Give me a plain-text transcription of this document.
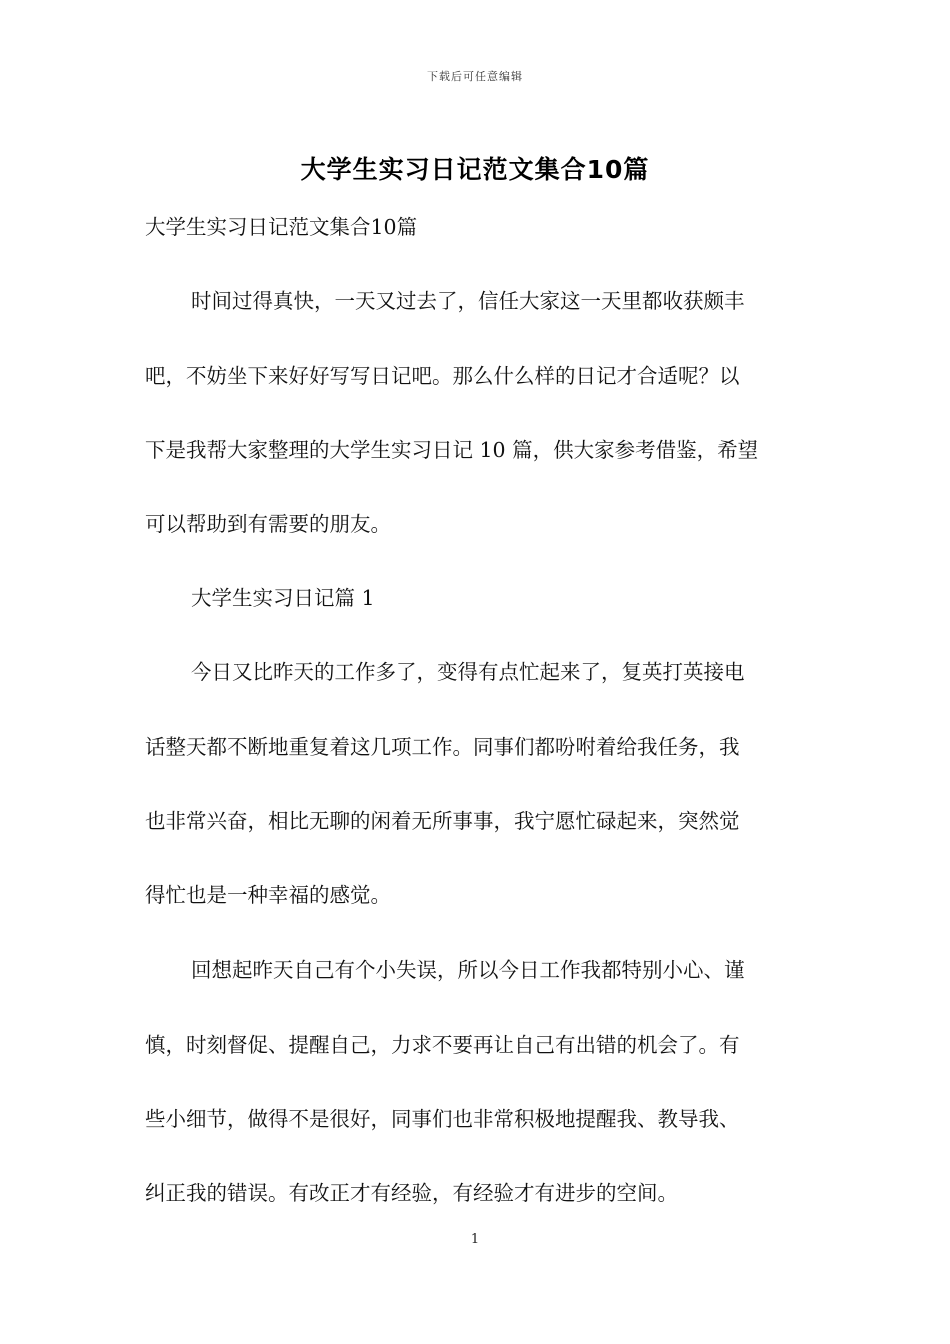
下载后可任意编辑
大学生实习日记范文集合10篇

大学生实习日记范文集合10篇

时间过得真快，一天又过去了，信任大家这一天里都收获颇丰

吧，不妨坐下来好好写写日记吧。那么什么样的日记才合适呢？以

下是我帮大家整理的大学生实习日记 10 篇，供大家参考借鉴，希望

可以帮助到有需要的朋友。

大学生实习日记篇 1

今日又比昨天的工作多了，变得有点忙起来了，复英打英接电

话整天都不断地重复着这几项工作。同事们都吩咐着给我任务，我

也非常兴奋，相比无聊的闲着无所事事，我宁愿忙碌起来，突然觉

得忙也是一种幸福的感觉。

回想起昨天自己有个小失误，所以今日工作我都特别小心、谨

慎，时刻督促、提醒自己，力求不要再让自己有出错的机会了。有

些小细节，做得不是很好，同事们也非常积极地提醒我、教导我、

纠正我的错误。有改正才有经验，有经验才有进步的空间。

1
